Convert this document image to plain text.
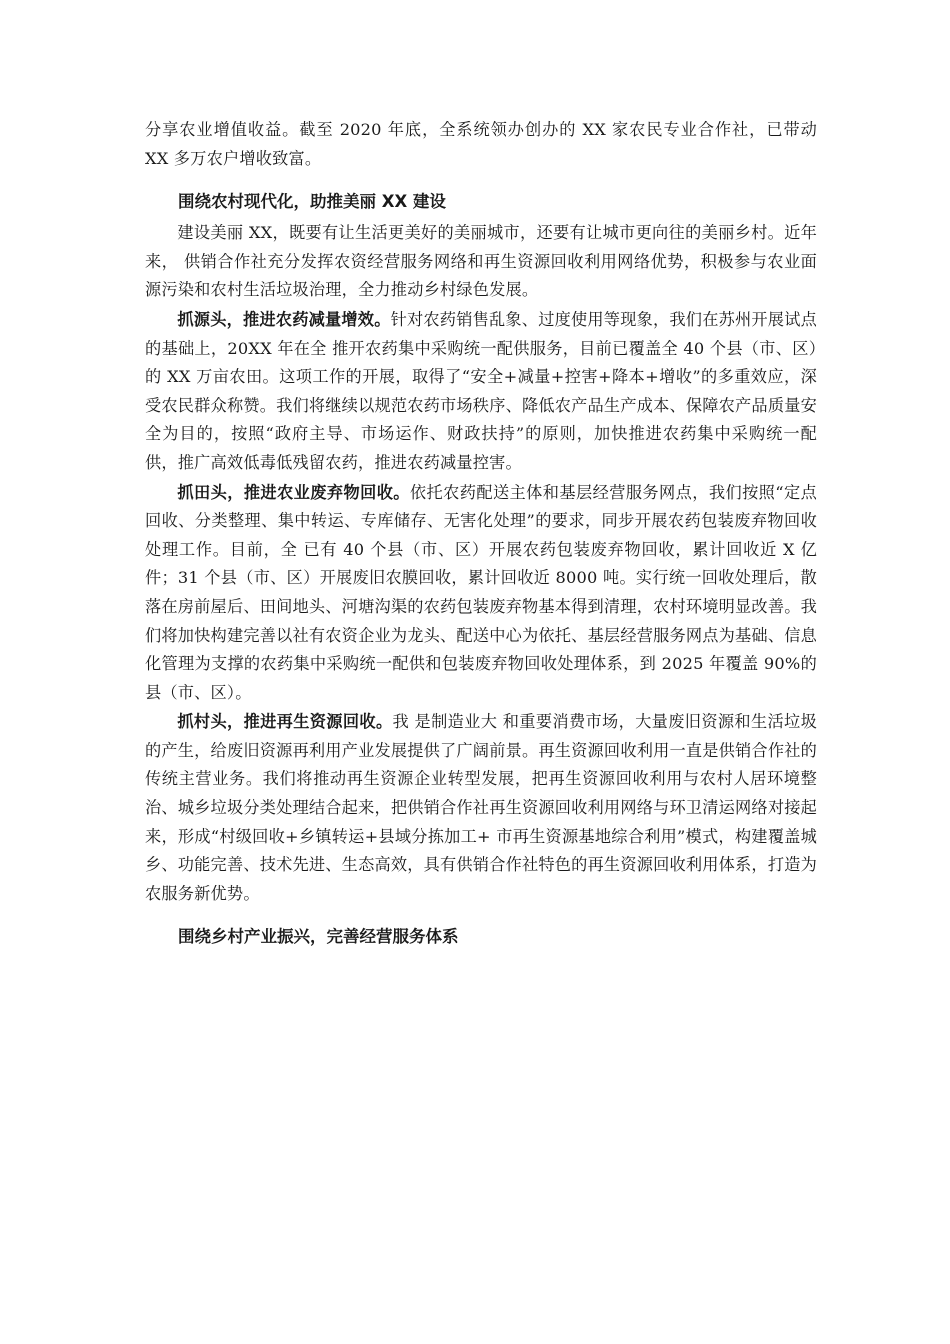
分享农业增值收益。截至 2020 年底，全系统领办创办的 XX 家农民专业合作社，已带动 XX 多万农户增收致富。

围绕农村现代化，助推美丽 XX 建设

建设美丽 XX，既要有让生活更美好的美丽城市，还要有让城市更向往的美丽乡村。近年来， 供销合作社充分发挥农资经营服务网络和再生资源回收利用网络优势，积极参与农业面源污染和农村生活垃圾治理，全力推动乡村绿色发展。

抓源头，推进农药减量增效。针对农药销售乱象、过度使用等现象，我们在苏州开展试点的基础上，20XX 年在全 推开农药集中采购统一配供服务，目前已覆盖全 40 个县（市、区）的 XX 万亩农田。这项工作的开展，取得了“安全+减量+控害+降本+增收”的多重效应，深受农民群众称赞。我们将继续以规范农药市场秩序、降低农产品生产成本、保障农产品质量安全为目的，按照“政府主导、市场运作、财政扶持”的原则，加快推进农药集中采购统一配供，推广高效低毒低残留农药，推进农药减量控害。

抓田头，推进农业废弃物回收。依托农药配送主体和基层经营服务网点，我们按照“定点回收、分类整理、集中转运、专库储存、无害化处理”的要求，同步开展农药包装废弃物回收处理工作。目前，全 已有 40 个县（市、区）开展农药包装废弃物回收，累计回收近 X 亿件；31 个县（市、区）开展废旧农膜回收，累计回收近 8000 吨。实行统一回收处理后，散落在房前屋后、田间地头、河塘沟渠的农药包装废弃物基本得到清理，农村环境明显改善。我们将加快构建完善以社有农资企业为龙头、配送中心为依托、基层经营服务网点为基础、信息化管理为支撑的农药集中采购统一配供和包装废弃物回收处理体系，到 2025 年覆盖 90%的县（市、区）。

抓村头，推进再生资源回收。我 是制造业大 和重要消费市场，大量废旧资源和生活垃圾的产生，给废旧资源再利用产业发展提供了广阔前景。再生资源回收利用一直是供销合作社的传统主营业务。我们将推动再生资源企业转型发展，把再生资源回收利用与农村人居环境整治、城乡垃圾分类处理结合起来，把供销合作社再生资源回收利用网络与环卫清运网络对接起来，形成“村级回收+乡镇转运+县域分拣加工+ 市再生资源基地综合利用”模式，构建覆盖城乡、功能完善、技术先进、生态高效，具有供销合作社特色的再生资源回收利用体系，打造为农服务新优势。

围绕乡村产业振兴，完善经营服务体系
